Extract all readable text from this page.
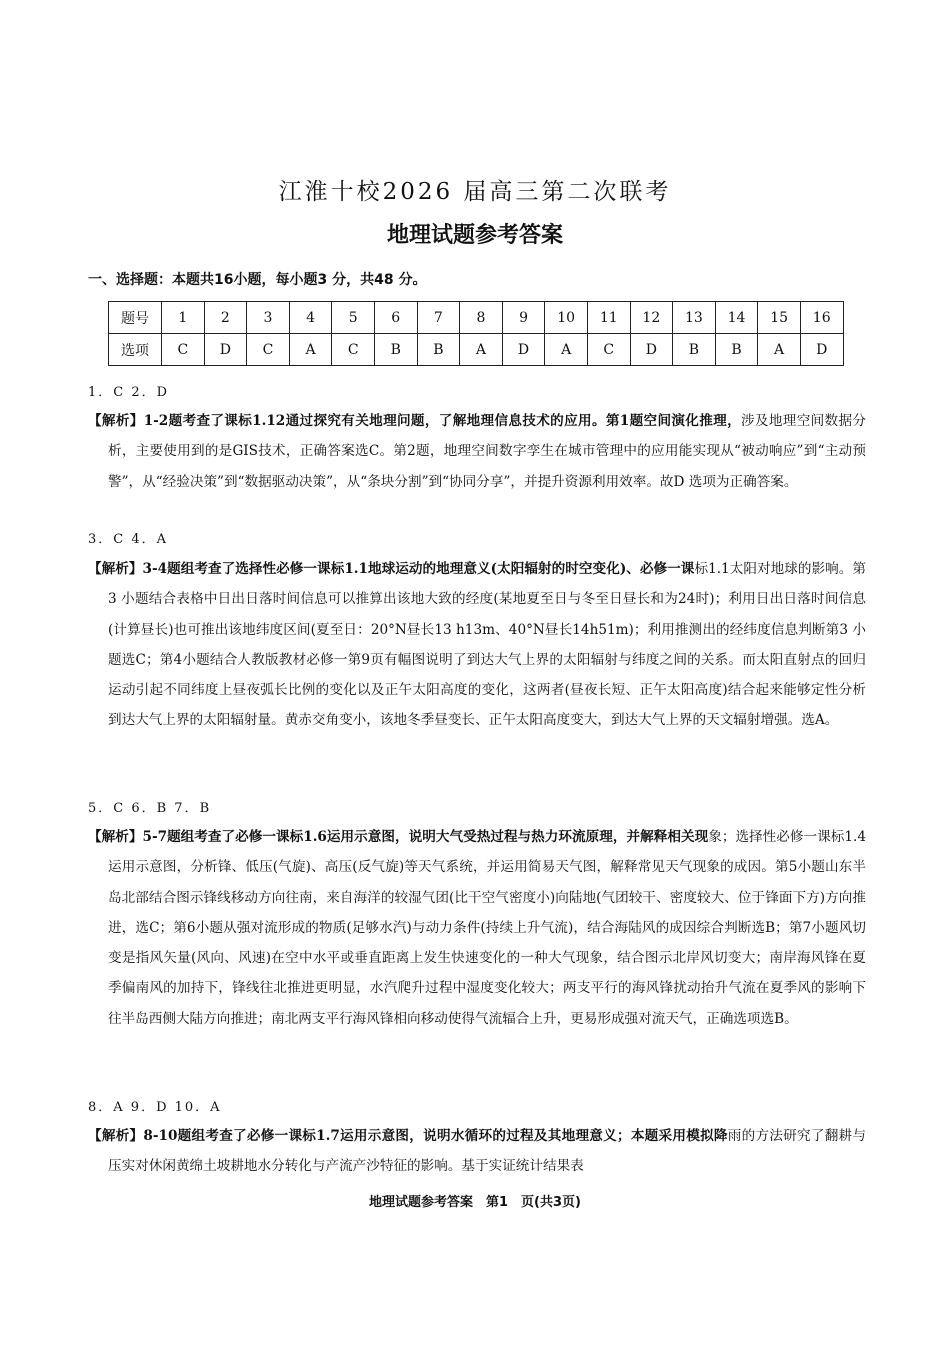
江淮十校2026 届高三第二次联考
地理试题参考答案
一、选择题：本题共16小题，每小题3 分，共48 分。
题号	1	2	3	4	5	6	7	8	9	10	11	12	13	14	15	16
选项	C	D	C	A	C	B	B	A	D	A	C	D	B	B	A	D
1．C 2．D
【解析】1-2题考查了课标1.12通过探究有关地理问题，了解地理信息技术的应用。第1题空间演化推理，涉及地理空间数据分析，主要使用到的是GIS技术，正确答案选C。第2题，地理空间数字孪生在城市管理中的应用能实现从“被动响应”到“主动预警”，从“经验决策”到“数据驱动决策”，从“条块分割”到“协同分享”，并提升资源利用效率。故D 选项为正确答案。
3．C 4．A
【解析】3-4题组考查了选择性必修一课标1.1地球运动的地理意义(太阳辐射的时空变化)、必修一课标1.1太阳对地球的影响。第3 小题结合表格中日出日落时间信息可以推算出该地大致的经度(某地夏至日与冬至日昼长和为24时)；利用日出日落时间信息(计算昼长)也可推出该地纬度区间(夏至日：20°N昼长13 h13m、40°N昼长14h51m)；利用推测出的经纬度信息判断第3 小题选C；第4小题结合人教版教材必修一第9页有幅图说明了到达大气上界的太阳辐射与纬度之间的关系。而太阳直射点的回归运动引起不同纬度上昼夜弧长比例的变化以及正午太阳高度的变化，这两者(昼夜长短、正午太阳高度)结合起来能够定性分析到达大气上界的太阳辐射量。黄赤交角变小，该地冬季昼变长、正午太阳高度变大，到达大气上界的天文辐射增强。选A。
5．C 6．B 7．B
【解析】5-7题组考查了必修一课标1.6运用示意图，说明大气受热过程与热力环流原理，并解释相关现象；选择性必修一课标1.4运用示意图，分析锋、低压(气旋)、高压(反气旋)等天气系统，并运用简易天气图，解释常见天气现象的成因。第5小题山东半岛北部结合图示锋线移动方向往南，来自海洋的较湿气团(比干空气密度小)向陆地(气团较干、密度较大、位于锋面下方)方向推进，选C；第6小题从强对流形成的物质(足够水汽)与动力条件(持续上升气流)，结合海陆风的成因综合判断选B；第7小题风切变是指风矢量(风向、风速)在空中水平或垂直距离上发生快速变化的一种大气现象，结合图示北岸风切变大；南岸海风锋在夏季偏南风的加持下，锋线往北推进更明显，水汽爬升过程中湿度变化较大；两支平行的海风锋扰动抬升气流在夏季风的影响下往半岛西侧大陆方向推进；南北两支平行海风锋相向移动使得气流辐合上升，更易形成强对流天气，正确选项选B。
8．A 9．D 10．A
【解析】8-10题组考查了必修一课标1.7运用示意图，说明水循环的过程及其地理意义；本题采用模拟降雨的方法研究了翻耕与压实对休闲黄绵土坡耕地水分转化与产流产沙特征的影响。基于实证统计结果表
地理试题参考答案　第1　页(共3页)
